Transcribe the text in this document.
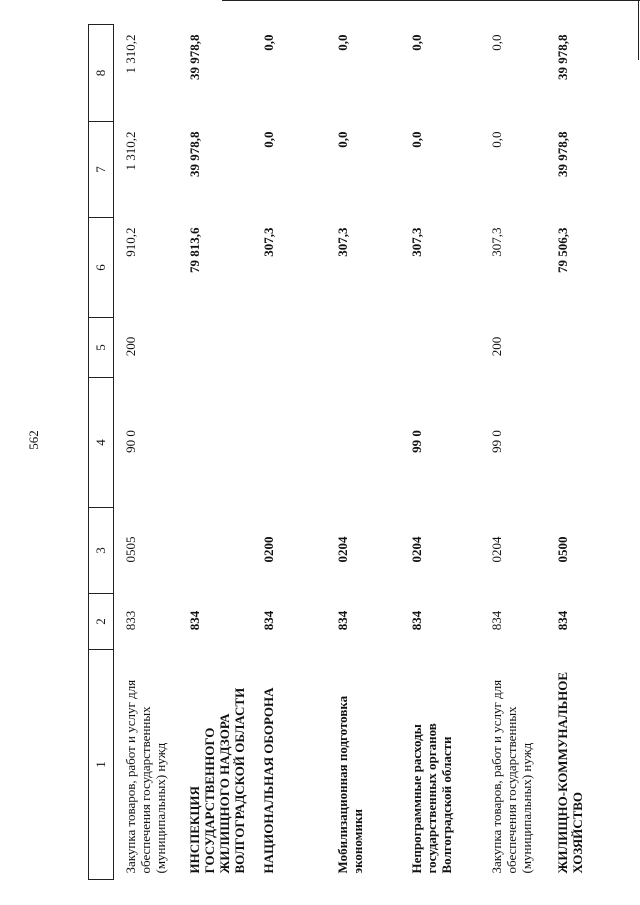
562
1	2	3	4	5	6	7	8
Закупка товаров, работ и услуг для обеспечения государственных (муниципальных) нужд	833	0505	90 0	200	910,2	1 310,2	1 310,2
ИНСПЕКЦИЯ ГОСУДАРСТВЕННОГО ЖИЛИЩНОГО НАДЗОРА ВОЛГОГРАДСКОЙ ОБЛАСТИ	834				79 813,6	39 978,8	39 978,8
НАЦИОНАЛЬНАЯ ОБОРОНА	834	0200			307,3	0,0	0,0
Мобилизационная подготовка экономики	834	0204			307,3	0,0	0,0
Непрограммные расходы государственных органов Волгоградской области	834	0204	99 0		307,3	0,0	0,0
Закупка товаров, работ и услуг для обеспечения государственных (муниципальных) нужд	834	0204	99 0	200	307,3	0,0	0,0
ЖИЛИЩНО-КОММУНАЛЬНОЕ ХОЗЯЙСТВО	834	0500			79 506,3	39 978,8	39 978,8
